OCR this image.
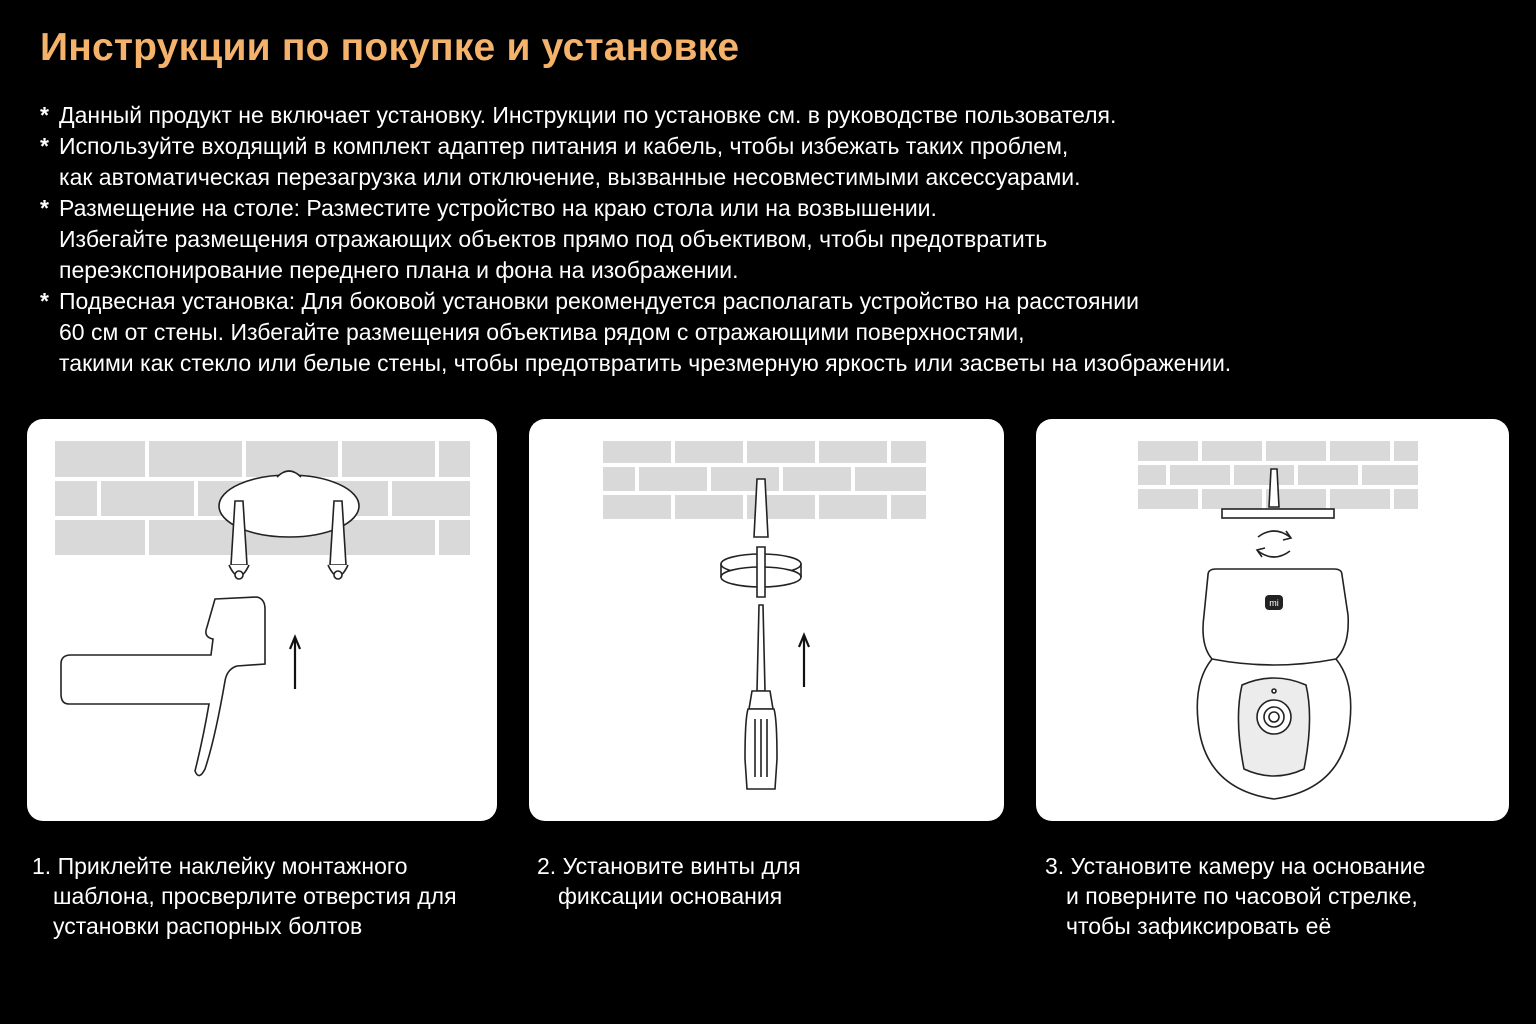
Инструкции по покупке и установке
* Данный продукт не включает установку. Инструкции по установке см. в руководстве пользователя.
* Используйте входящий в комплект адаптер питания и кабель, чтобы избежать таких проблем,
как автоматическая перезагрузка или отключение, вызванные несовместимыми аксессуарами.
* Размещение на столе: Разместите устройство на краю стола или на возвышении.
Избегайте размещения отражающих объектов прямо под объективом, чтобы предотвратить
переэкспонирование переднего плана и фона на изображении.
* Подвесная установка: Для боковой установки рекомендуется располагать устройство на расстоянии
60 см от стены. Избегайте размещения объектива рядом с отражающими поверхностями,
такими как стекло или белые стены, чтобы предотвратить чрезмерную яркость или засветы на изображении.
mi
1. Приклейте наклейку монтажного
шаблона, просверлите отверстия для
установки распорных болтов
2. Установите винты для
фиксации основания
3. Установите камеру на основание
и поверните по часовой стрелке,
чтобы зафиксировать её
